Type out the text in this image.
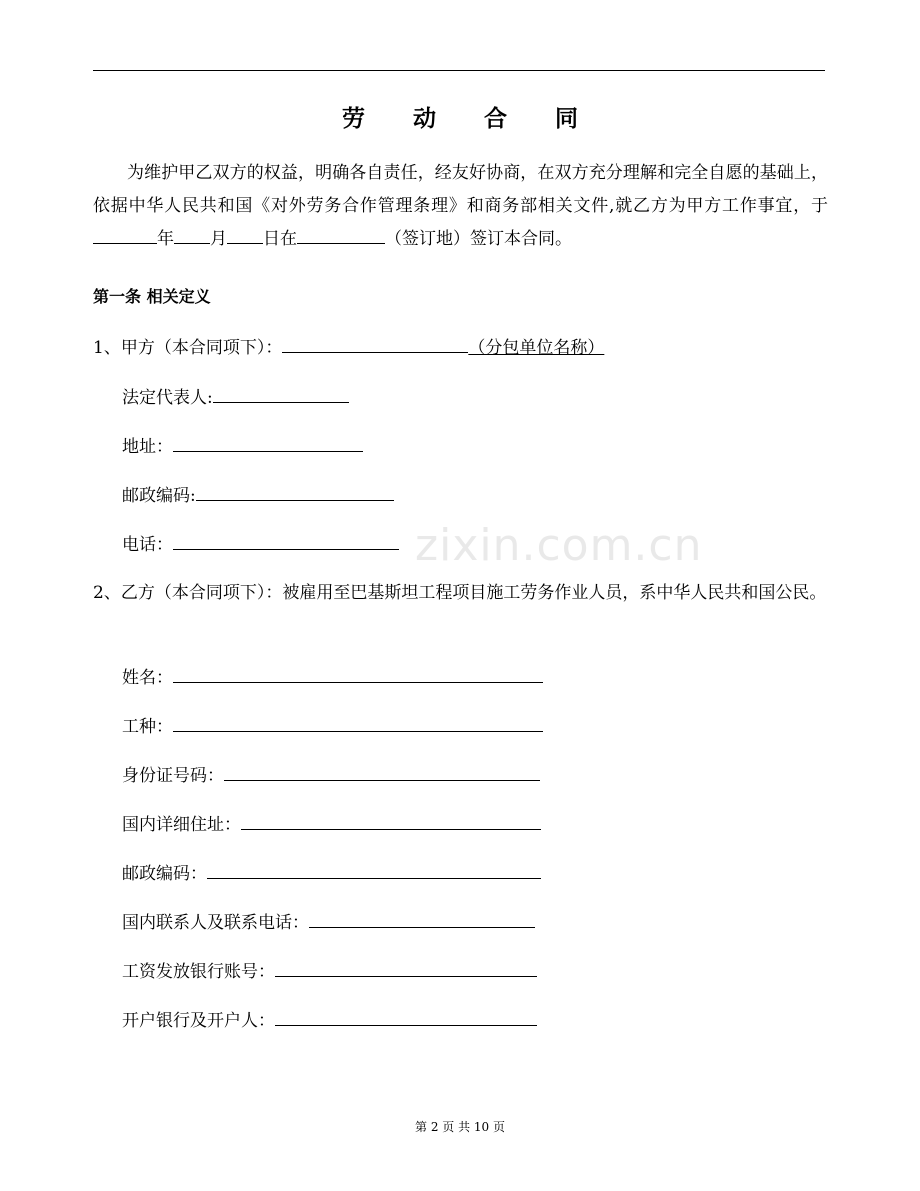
劳 动 合 同
为维护甲乙双方的权益，明确各自责任，经友好协商，在双方充分理解和完全自愿的基础上，依据中华人民共和国《对外劳务合作管理条理》和商务部相关文件,就乙方为甲方工作事宜，于年 月 日在	（签订地）签订本合同。
第一条 相关定义
1、甲方（本合同项下）：	（分包单位名称）
法定代表人:
地址：
邮政编码:
电话：	zixin.com.cn
2、乙方（本合同项下）：被雇用至巴基斯坦工程项目施工劳务作业人员，系中华人民共和国公民。
姓名：
工种：
身份证号码：
国内详细住址：
邮政编码：
国内联系人及联系电话：
工资发放银行账号：
开户银行及开户人：
第 2 页 共 10 页
